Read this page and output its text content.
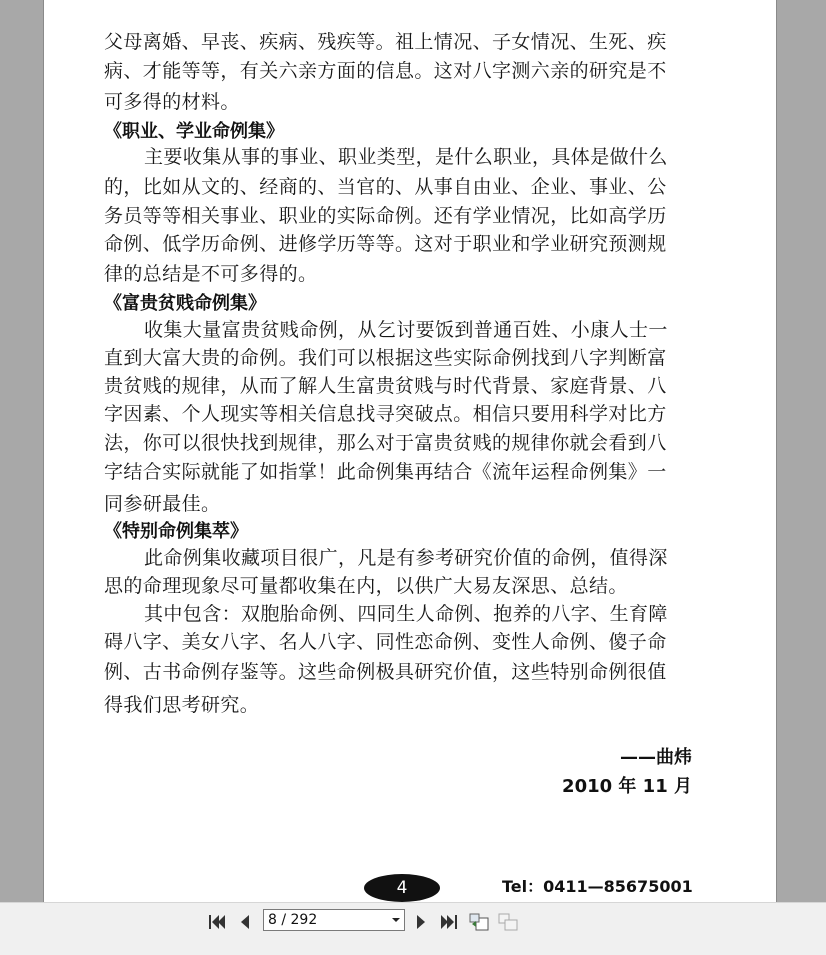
父母离婚、早丧、疾病、残疾等。祖上情况、子女情况、生死、疾
病、才能等等，有关六亲方面的信息。这对八字测六亲的研究是不
可多得的材料。
《职业、学业命例集》
主要收集从事的事业、职业类型，是什么职业，具体是做什么
的，比如从文的、经商的、当官的、从事自由业、企业、事业、公
务员等等相关事业、职业的实际命例。还有学业情况，比如高学历
命例、低学历命例、进修学历等等。这对于职业和学业研究预测规
律的总结是不可多得的。
《富贵贫贱命例集》
收集大量富贵贫贱命例，从乞讨要饭到普通百姓、小康人士一
直到大富大贵的命例。我们可以根据这些实际命例找到八字判断富
贵贫贱的规律，从而了解人生富贵贫贱与时代背景、家庭背景、八
字因素、个人现实等相关信息找寻突破点。相信只要用科学对比方
法，你可以很快找到规律，那么对于富贵贫贱的规律你就会看到八
字结合实际就能了如指掌！此命例集再结合《流年运程命例集》一
同参研最佳。
《特别命例集萃》
此命例集收藏项目很广，凡是有参考研究价值的命例，值得深
思的命理现象尽可量都收集在内，以供广大易友深思、总结。
其中包含：双胞胎命例、四同生人命例、抱养的八字、生育障
碍八字、美女八字、名人八字、同性恋命例、变性人命例、傻子命
例、古书命例存鉴等。这些命例极具研究价值，这些特别命例很值
得我们思考研究。
——曲炜
2010 年 11 月
4	Tel：0411—85675001
8 / 292
